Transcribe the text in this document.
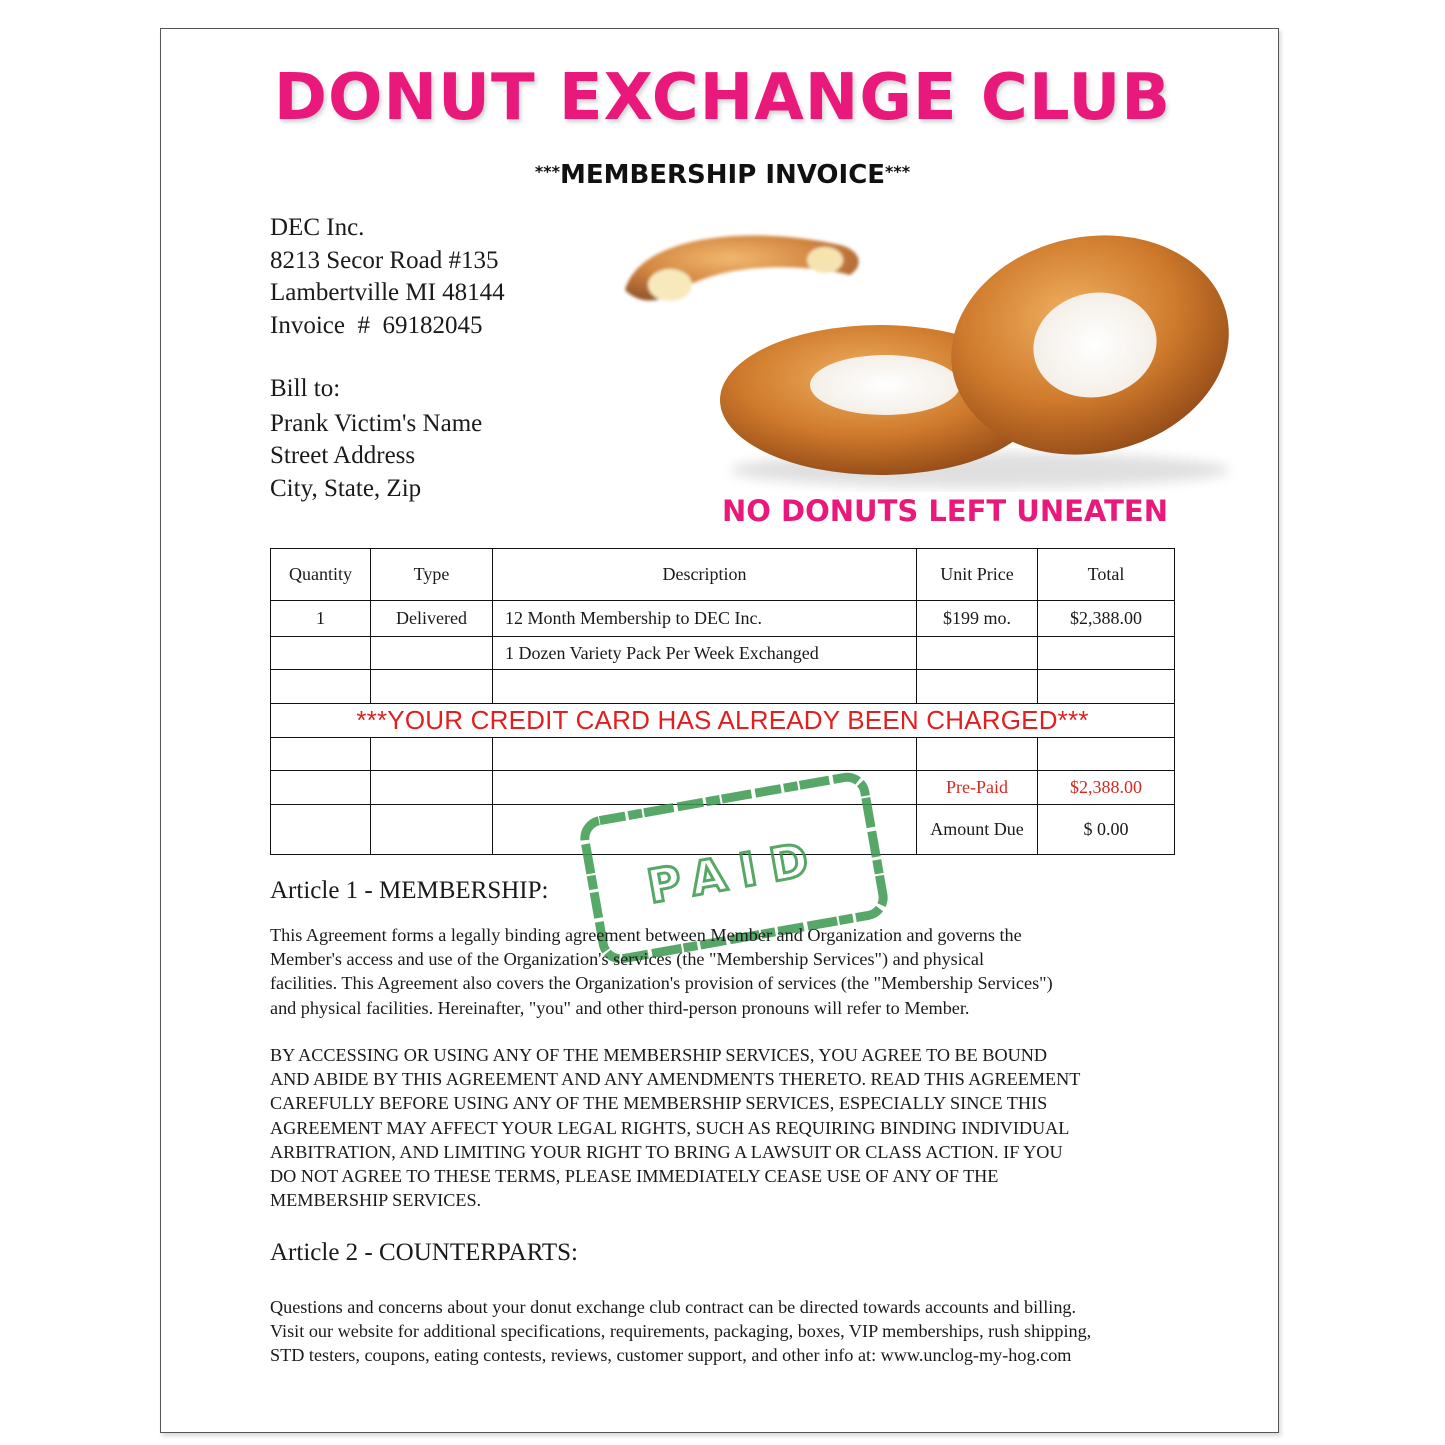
DONUT EXCHANGE CLUB
***MEMBERSHIP INVOICE***
DEC Inc.
8213 Secor Road #135
Lambertville MI 48144
Invoice  #  69182045
Bill to:
Prank Victim's Name
Street Address
City, State, Zip
NO DONUTS LEFT UNEATEN
Quantity	Type	Description	Unit Price	Total
1	Delivered	12 Month Membership to DEC Inc.	$199 mo.	$2,388.00
		1 Dozen Variety Pack Per Week Exchanged		

***YOUR CREDIT CARD HAS ALREADY BEEN CHARGED***				

			Pre-Paid	$2,388.00
			Amount Due	$ 0.00
PAID
Article 1 - MEMBERSHIP:

This Agreement forms a legally binding agreement between Member and Organization and governs the

Member's access and use of the Organization's services (the "Membership Services") and physical

facilities. This Agreement also covers the Organization's provision of services (the "Membership Services")

and physical facilities. Hereinafter, "you" and other third-person pronouns will refer to Member.

BY ACCESSING OR USING ANY OF THE MEMBERSHIP SERVICES, YOU AGREE TO BE BOUND

AND ABIDE BY THIS AGREEMENT AND ANY AMENDMENTS THERETO. READ THIS AGREEMENT

CAREFULLY BEFORE USING ANY OF THE MEMBERSHIP SERVICES, ESPECIALLY SINCE THIS

AGREEMENT MAY AFFECT YOUR LEGAL RIGHTS, SUCH AS REQUIRING BINDING INDIVIDUAL

ARBITRATION, AND LIMITING YOUR RIGHT TO BRING A LAWSUIT OR CLASS ACTION. IF YOU

DO NOT AGREE TO THESE TERMS, PLEASE IMMEDIATELY CEASE USE OF ANY OF THE

MEMBERSHIP SERVICES.

Article 2 - COUNTERPARTS:

Questions and concerns about your donut exchange club contract can be directed towards accounts and billing.

Visit our website for additional specifications, requirements, packaging, boxes, VIP memberships, rush shipping,

STD testers, coupons, eating contests, reviews, customer support, and other info at: www.unclog-my-hog.com
